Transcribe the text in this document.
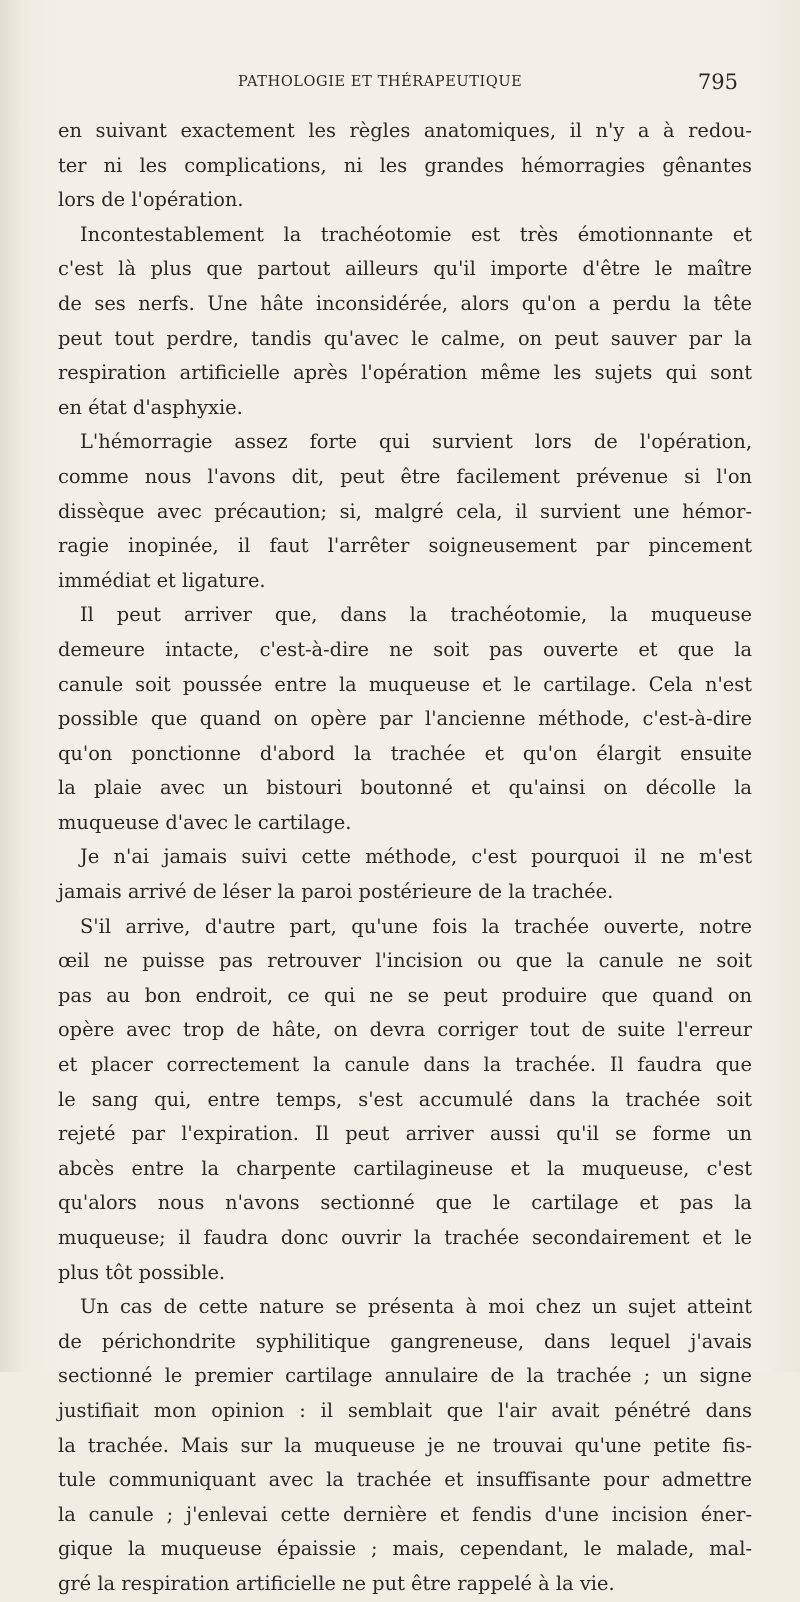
PATHOLOGIE ET THÉRAPEUTIQUE	795
en suivant exactement les règles anatomiques, il n'y a à redou-
ter ni les complications, ni les grandes hémorragies gênantes
lors de l'opération.
Incontestablement la trachéotomie est très émotionnante et
c'est là plus que partout ailleurs qu'il importe d'être le maître
de ses nerfs. Une hâte inconsidérée, alors qu'on a perdu la tête
peut tout perdre, tandis qu'avec le calme, on peut sauver par la
respiration artificielle après l'opération même les sujets qui sont
en état d'asphyxie.
L'hémorragie assez forte qui survient lors de l'opération,
comme nous l'avons dit, peut être facilement prévenue si l'on
dissèque avec précaution; si, malgré cela, il survient une hémor-
ragie inopinée, il faut l'arrêter soigneusement par pincement
immédiat et ligature.
Il peut arriver que, dans la trachéotomie, la muqueuse
demeure intacte, c'est-à-dire ne soit pas ouverte et que la
canule soit poussée entre la muqueuse et le cartilage. Cela n'est
possible que quand on opère par l'ancienne méthode, c'est-à-dire
qu'on ponctionne d'abord la trachée et qu'on élargit ensuite
la plaie avec un bistouri boutonné et qu'ainsi on décolle la
muqueuse d'avec le cartilage.
Je n'ai jamais suivi cette méthode, c'est pourquoi il ne m'est
jamais arrivé de léser la paroi postérieure de la trachée.
S'il arrive, d'autre part, qu'une fois la trachée ouverte, notre
œil ne puisse pas retrouver l'incision ou que la canule ne soit
pas au bon endroit, ce qui ne se peut produire que quand on
opère avec trop de hâte, on devra corriger tout de suite l'erreur
et placer correctement la canule dans la trachée. Il faudra que
le sang qui, entre temps, s'est accumulé dans la trachée soit
rejeté par l'expiration. Il peut arriver aussi qu'il se forme un
abcès entre la charpente cartilagineuse et la muqueuse, c'est
qu'alors nous n'avons sectionné que le cartilage et pas la
muqueuse; il faudra donc ouvrir la trachée secondairement et le
plus tôt possible.
Un cas de cette nature se présenta à moi chez un sujet atteint
de périchondrite syphilitique gangreneuse, dans lequel j'avais
sectionné le premier cartilage annulaire de la trachée ; un signe
justifiait mon opinion : il semblait que l'air avait pénétré dans
la trachée. Mais sur la muqueuse je ne trouvai qu'une petite fis-
tule communiquant avec la trachée et insuffisante pour admettre
la canule ; j'enlevai cette dernière et fendis d'une incision éner-
gique la muqueuse épaissie ; mais, cependant, le malade, mal-
gré la respiration artificielle ne put être rappelé à la vie.
